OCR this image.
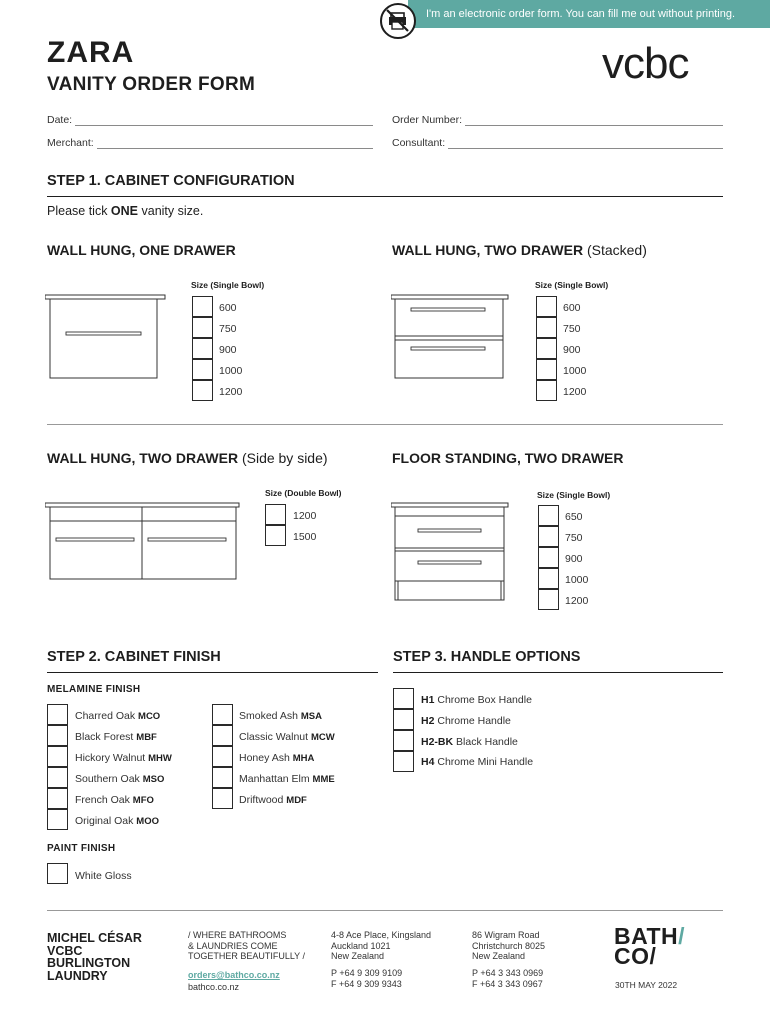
I'm an electronic order form. You can fill me out without printing.
ZARA
VANITY ORDER FORM	vcbc
Date:	Order Number:
Merchant:	Consultant:
STEP 1. CABINET CONFIGURATION
Please tick ONE vanity size.
WALL HUNG, ONE DRAWER
Size (Single Bowl)
600
750
900
1000
1200
WALL HUNG, TWO DRAWER (Stacked)
Size (Single Bowl)
600
750
900
1000
1200
WALL HUNG, TWO DRAWER (Side by side)
Size (Double Bowl)
1200
1500
FLOOR STANDING, TWO DRAWER
Size (Single Bowl)
650
750
900
1000
1200
STEP 2. CABINET FINISH
MELAMINE FINISH
Charred Oak MCO
Black Forest MBF
Hickory Walnut MHW
Southern Oak MSO
French Oak MFO
Original Oak MOO
Smoked Ash MSA
Classic Walnut MCW
Honey Ash MHA
Manhattan Elm MME
Driftwood MDF
PAINT FINISH
White Gloss
STEP 3. HANDLE OPTIONS
H1 Chrome Box Handle
H2 Chrome Handle
H2-BK Black Handle
H4 Chrome Mini Handle
MICHEL CÉSAR
VCBC
BURLINGTON
LAUNDRY
/ WHERE BATHROOMS
& LAUNDRIES COME
TOGETHER BEAUTIFULLY /
orders@bathco.co.nz
bathco.co.nz
4-8 Ace Place, Kingsland
Auckland 1021
New Zealand
P +64 9 309 9109
F +64 9 309 9343
86 Wigram Road
Christchurch 8025
New Zealand
P +64 3 343 0969
F +64 3 343 0967
BATH/
CO/
30TH MAY 2022
